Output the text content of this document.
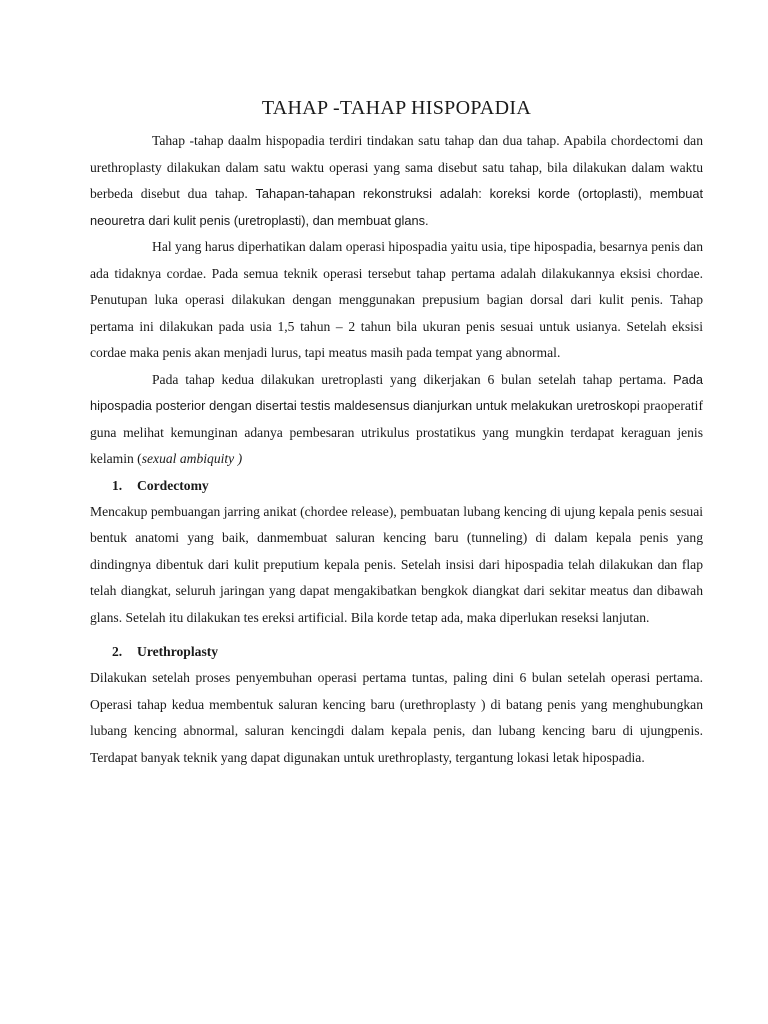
TAHAP -TAHAP HISPOPADIA

Tahap -tahap daalm hispopadia terdiri tindakan satu tahap dan dua tahap. Apabila chordectomi dan urethroplasty dilakukan dalam satu waktu operasi yang sama disebut satu tahap, bila dilakukan dalam waktu berbeda disebut dua tahap. Tahapan-tahapan rekonstruksi adalah: koreksi korde (ortoplasti), membuat neouretra dari kulit penis (uretroplasti), dan membuat glans.

Hal yang harus diperhatikan dalam operasi hipospadia yaitu usia, tipe hipospadia, besarnya penis dan ada tidaknya cordae. Pada semua teknik operasi tersebut tahap pertama adalah dilakukannya eksisi chordae. Penutupan luka operasi dilakukan dengan menggunakan prepusium bagian dorsal dari kulit penis. Tahap pertama ini dilakukan pada usia 1,5 tahun – 2 tahun bila ukuran penis sesuai untuk usianya. Setelah eksisi cordae maka penis akan menjadi lurus, tapi meatus masih pada tempat yang abnormal.

Pada tahap kedua dilakukan uretroplasti yang dikerjakan 6 bulan setelah tahap pertama. Pada hipospadia posterior dengan disertai testis maldesensus dianjurkan untuk melakukan uretroskopi praoperatif guna melihat kemunginan adanya pembesaran utrikulus prostatikus yang mungkin terdapat keraguan jenis kelamin (sexual ambiquity )

1. Cordectomy

Mencakup pembuangan jarring anikat (chordee release), pembuatan lubang kencing di ujung kepala penis sesuai bentuk anatomi yang baik, danmembuat saluran kencing baru (tunneling) di dalam kepala penis yang dindingnya dibentuk dari kulit preputium kepala penis. Setelah insisi dari hipospadia telah dilakukan dan flap telah diangkat, seluruh jaringan yang dapat mengakibatkan bengkok diangkat dari sekitar meatus dan dibawah glans. Setelah itu dilakukan tes ereksi artificial. Bila korde tetap ada, maka diperlukan reseksi lanjutan.

2. Urethroplasty

Dilakukan setelah proses penyembuhan operasi pertama tuntas, paling dini 6 bulan setelah operasi pertama. Operasi tahap kedua membentuk saluran kencing baru (urethroplasty ) di batang penis yang menghubungkan lubang kencing abnormal, saluran kencingdi dalam kepala penis, dan lubang kencing baru di ujungpenis. Terdapat banyak teknik yang dapat digunakan untuk urethroplasty, tergantung lokasi letak hipospadia.
